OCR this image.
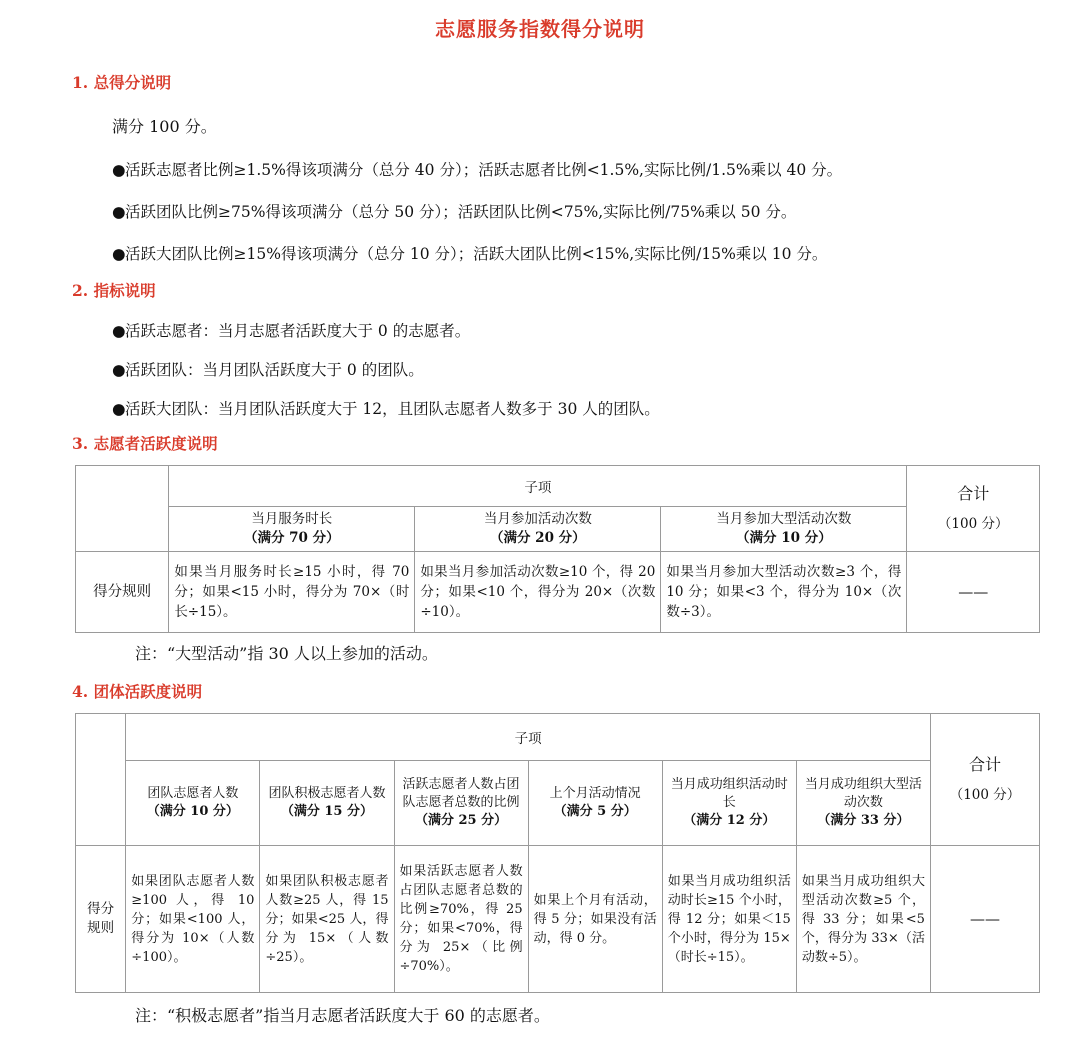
志愿服务指数得分说明
1. 总得分说明

满分 100 分。

●活跃志愿者比例≥1.5%得该项满分（总分 40 分）；活跃志愿者比例<1.5%,实际比例/1.5%乘以 40 分。
●活跃团队比例≥75%得该项满分（总分 50 分）；活跃团队比例<75%,实际比例/75%乘以 50 分。
●活跃大团队比例≥15%得该项满分（总分 10 分）；活跃大团队比例<15%,实际比例/15%乘以 10 分。
2. 指标说明
●活跃志愿者：当月志愿者活跃度大于 0 的志愿者。
●活跃团队：当月团队活跃度大于 0 的团队。
●活跃大团队：当月团队活跃度大于 12，且团队志愿者人数多于 30 人的团队。
3. 志愿者活跃度说明
	子项			合计
（100 分）

	当月服务时长
（满分 70 分）	当月参加活动次数
（满分 20 分）	当月参加大型活动次数
（满分 10 分）	

得分规则	如果当月服务时长≥15 小时，得 70 分；如果<15 小时，得分为 70×（时长÷15）。	如果当月参加活动次数≥10 个，得 20 分；如果<10 个，得分为 20×（次数÷10）。	如果当月参加大型活动次数≥3 个，得 10 分；如果<3 个，得分为 10×（次数÷3）。	——

注：“大型活动”指 30 人以上参加的活动。

4. 团体活跃度说明
	子项						合计
（100 分）

	团队志愿者人数
（满分 10 分）	团队积极志愿者人数
（满分 15 分）	活跃志愿者人数占团队志愿者总数的比例
（满分 25 分）	上个月活动情况
（满分 5 分）	当月成功组织活动时长
（满分 12 分）	当月成功组织大型活动次数
（满分 33 分）	

得分规则	如果团队志愿者人数≥100 人，得 10 分；如果<100 人，得分为 10×（人数÷100）。	如果团队积极志愿者人数≥25 人，得 15 分；如果<25 人，得分为 15×（人数÷25）。	如果活跃志愿者人数占团队志愿者总数的比例≥70%，得 25 分；如果<70%，得分为 25×（比例÷70%）。	如果上个月有活动，得 5 分；如果没有活动，得 0 分。	如果当月成功组织活动时长≥15 个小时，得 12 分；如果＜15 个小时，得分为 15×（时长÷15）。	如果当月成功组织大型活动次数≥5 个，得 33 分；如果<5 个，得分为 33×（活动数÷5）。	——

注：“积极志愿者”指当月志愿者活跃度大于 60 的志愿者。
